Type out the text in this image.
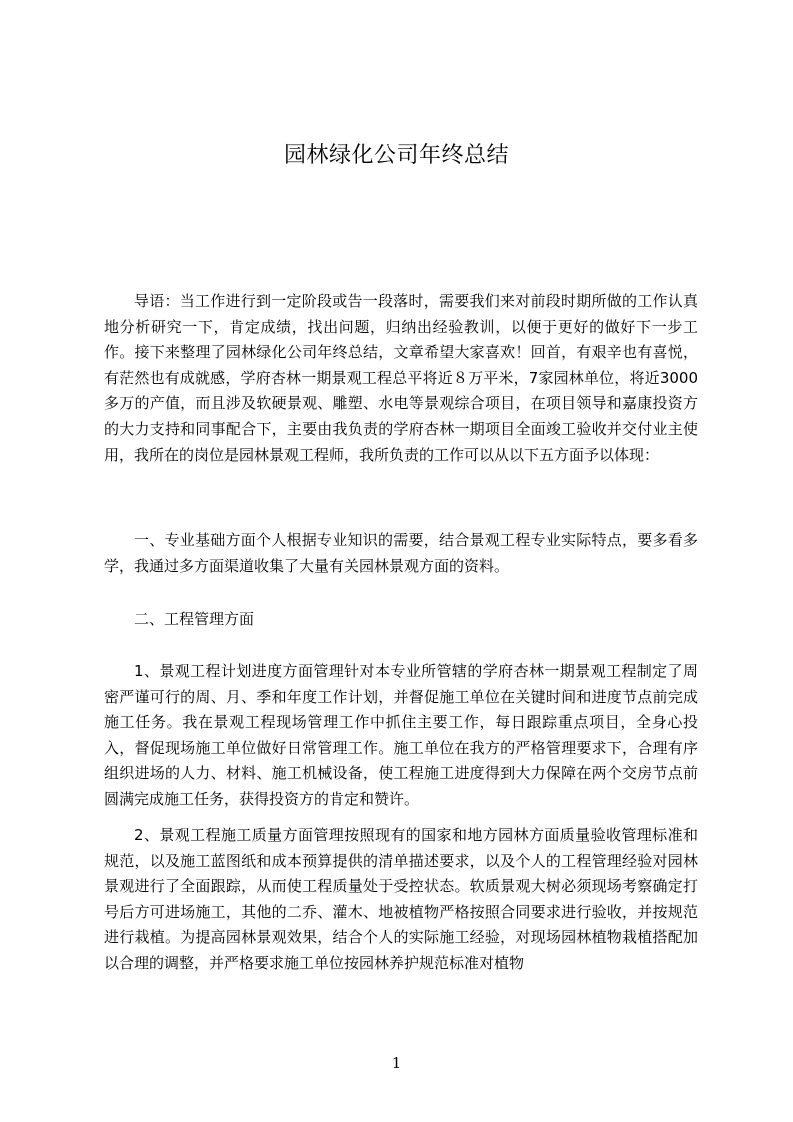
园林绿化公司年终总结

导语：当工作进行到一定阶段或告一段落时，需要我们来对前段时期所做的工作认真地分析研究一下，肯定成绩，找出问题，归纳出经验教训，以便于更好的做好下一步工作。接下来整理了园林绿化公司年终总结，文章希望大家喜欢！回首，有艰辛也有喜悦，有茫然也有成就感，学府杏林一期景观工程总平将近８万平米，7家园林单位，将近3000多万的产值，而且涉及软硬景观、雕塑、水电等景观综合项目，在项目领导和嘉康投资方的大力支持和同事配合下，主要由我负责的学府杏林一期项目全面竣工验收并交付业主使用，我所在的岗位是园林景观工程师，我所负责的工作可以从以下五方面予以体现：

一、专业基础方面个人根据专业知识的需要，结合景观工程专业实际特点，要多看多学，我通过多方面渠道收集了大量有关园林景观方面的资料。

二、工程管理方面

1、景观工程计划进度方面管理针对本专业所管辖的学府杏林一期景观工程制定了周密严谨可行的周、月、季和年度工作计划，并督促施工单位在关键时间和进度节点前完成施工任务。我在景观工程现场管理工作中抓住主要工作，每日跟踪重点项目，全身心投入，督促现场施工单位做好日常管理工作。施工单位在我方的严格管理要求下，合理有序组织进场的人力、材料、施工机械设备，使工程施工进度得到大力保障在两个交房节点前圆满完成施工任务，获得投资方的肯定和赞许。

2、景观工程施工质量方面管理按照现有的国家和地方园林方面质量验收管理标准和规范，以及施工蓝图纸和成本预算提供的清单描述要求，以及个人的工程管理经验对园林景观进行了全面跟踪，从而使工程质量处于受控状态。软质景观大树必须现场考察确定打号后方可进场施工，其他的二乔、灌木、地被植物严格按照合同要求进行验收，并按规范进行栽植。为提高园林景观效果，结合个人的实际施工经验，对现场园林植物栽植搭配加以合理的调整，并严格要求施工单位按园林养护规范标准对植物

1
